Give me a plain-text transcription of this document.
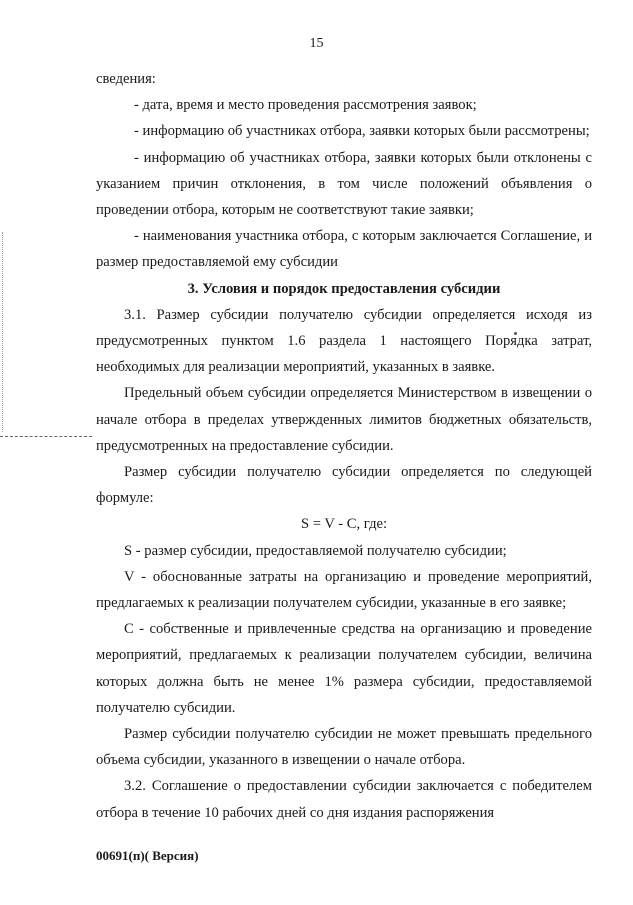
15

сведения:

- дата, время и место проведения рассмотрения заявок;

- информацию об участниках отбора, заявки которых были рассмотрены;

- информацию об участниках отбора, заявки которых были отклонены с указанием причин отклонения, в том числе положений объявления о проведении отбора, которым не соответствуют такие заявки;

- наименования участника отбора, с которым заключается Соглашение, и размер предоставляемой ему субсидии

3. Условия и порядок предоставления субсидии

3.1. Размер субсидии получателю субсидии определяется исходя из предусмотренных пунктом 1.6 раздела 1 настоящего Порядка затрат, необходимых для реализации мероприятий, указанных в заявке.

Предельный объем субсидии определяется Министерством в извещении о начале отбора в пределах утвержденных лимитов бюджетных обязательств, предусмотренных на предоставление субсидии.

Размер субсидии получателю субсидии определяется по следующей формуле:

S = V - C, где:

S - размер субсидии, предоставляемой получателю субсидии;

V - обоснованные затраты на организацию и проведение мероприятий, предлагаемых к реализации получателем субсидии, указанные в его заявке;

C - собственные и привлеченные средства на организацию и проведение мероприятий, предлагаемых к реализации получателем субсидии, величина которых должна быть не менее 1% размера субсидии, предоставляемой получателю субсидии.

Размер субсидии получателю субсидии не может превышать предельного объема субсидии, указанного в извещении о начале отбора.

3.2. Соглашение о предоставлении субсидии заключается с победителем отбора в течение 10 рабочих дней со дня издания распоряжения

00691(п)( Версия)
